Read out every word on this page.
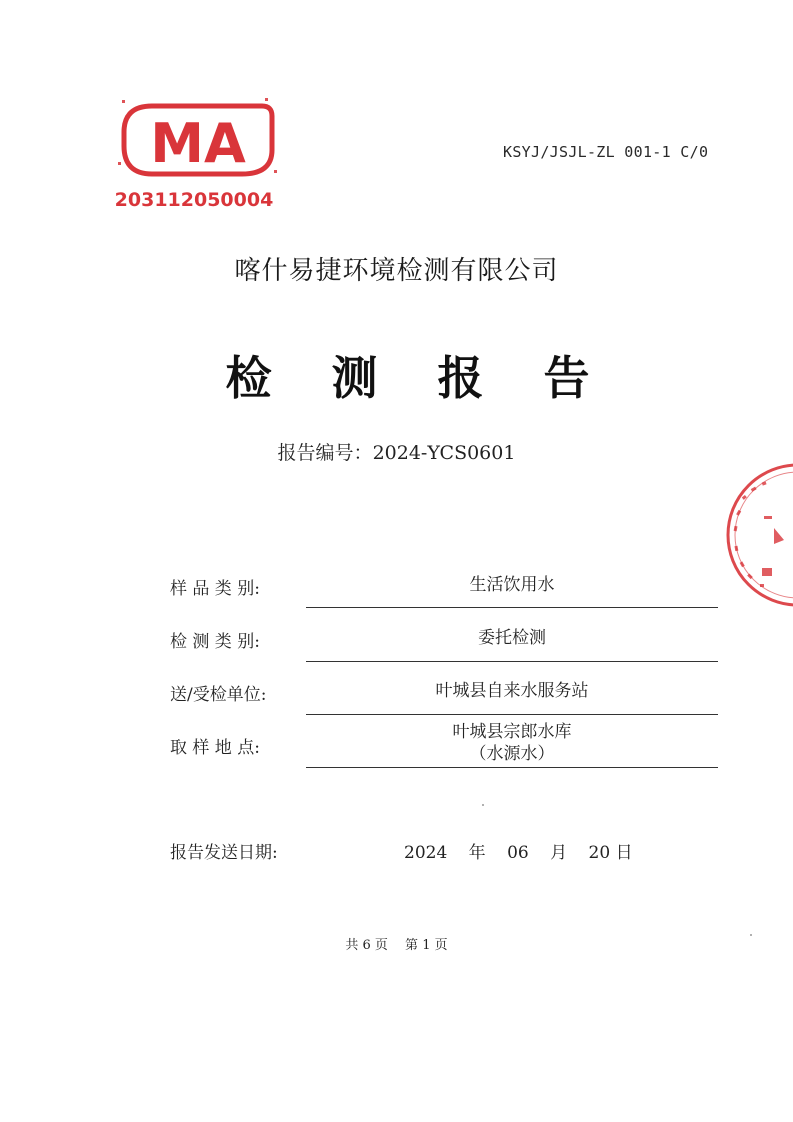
MA
203112050004
KSYJ/JSJL-ZL 001-1 C/0
喀什易捷环境检测有限公司
检 测 报 告
报告编号：2024-YCS0601
样 品 类 别:	生活饮用水
检 测 类 别:	委托检测
送/受检单位:	叶城县自来水服务站
取 样 地 点:
叶城县宗郎水库
（水源水）
报告发送日期:	2024 年 06 月 20 日
共 6 页　 第 1 页
